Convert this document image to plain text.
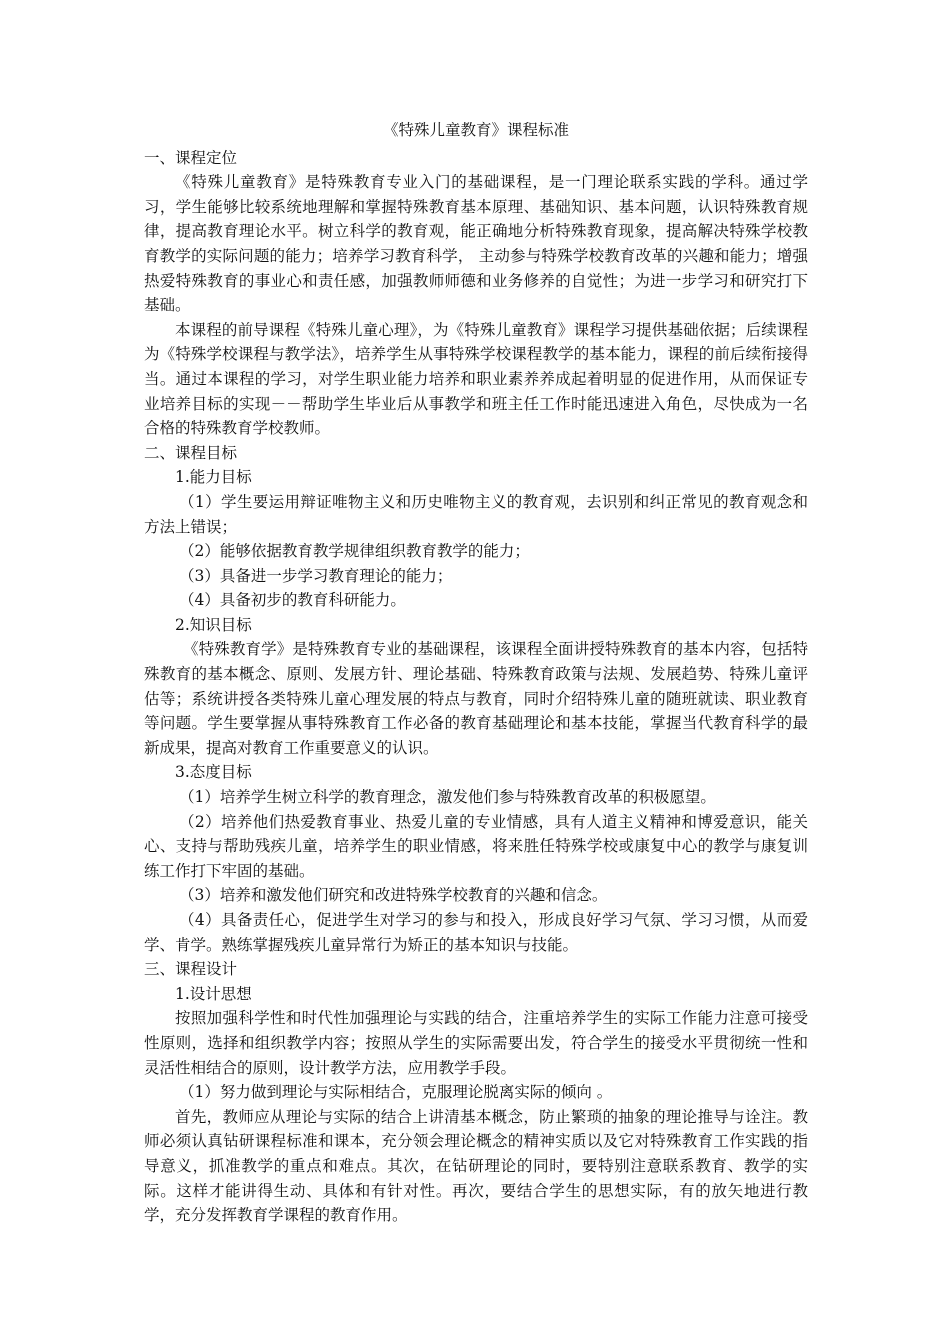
《特殊儿童教育》课程标准
一、课程定位

《特殊儿童教育》是特殊教育专业入门的基础课程，是一门理论联系实践的学科。通过学习，学生能够比较系统地理解和掌握特殊教育基本原理、基础知识、基本问题，认识特殊教育规律，提高教育理论水平。树立科学的教育观，能正确地分析特殊教育现象，提高解决特殊学校教育教学的实际问题的能力；培养学习教育科学， 主动参与特殊学校教育改革的兴趣和能力；增强热爱特殊教育的事业心和责任感，加强教师师德和业务修养的自觉性；为进一步学习和研究打下基础。

本课程的前导课程《特殊儿童心理》，为《特殊儿童教育》课程学习提供基础依据；后续课程为《特殊学校课程与教学法》，培养学生从事特殊学校课程教学的基本能力，课程的前后续衔接得当。通过本课程的学习，对学生职业能力培养和职业素养养成起着明显的促进作用，从而保证专业培养目标的实现－－帮助学生毕业后从事教学和班主任工作时能迅速进入角色，尽快成为一名合格的特殊教育学校教师。

二、课程目标
1.能力目标

（1）学生要运用辩证唯物主义和历史唯物主义的教育观，去识别和纠正常见的教育观念和方法上错误；

（2）能够依据教育教学规律组织教育教学的能力；

（3）具备进一步学习教育理论的能力；

（4）具备初步的教育科研能力。

2.知识目标

《特殊教育学》是特殊教育专业的基础课程，该课程全面讲授特殊教育的基本内容，包括特殊教育的基本概念、原则、发展方针、理论基础、特殊教育政策与法规、发展趋势、特殊儿童评估等；系统讲授各类特殊儿童心理发展的特点与教育，同时介绍特殊儿童的随班就读、职业教育等问题。学生要掌握从事特殊教育工作必备的教育基础理论和基本技能，掌握当代教育科学的最新成果，提高对教育工作重要意义的认识。

3.态度目标

（1）培养学生树立科学的教育理念，激发他们参与特殊教育改革的积极愿望。

（2）培养他们热爱教育事业、热爱儿童的专业情感，具有人道主义精神和博爱意识，能关心、支持与帮助残疾儿童，培养学生的职业情感，将来胜任特殊学校或康复中心的教学与康复训练工作打下牢固的基础。

（3）培养和激发他们研究和改进特殊学校教育的兴趣和信念。

（4）具备责任心，促进学生对学习的参与和投入，形成良好学习气氛、学习习惯，从而爱学、肯学。熟练掌握残疾儿童异常行为矫正的基本知识与技能。

三、课程设计
1.设计思想

按照加强科学性和时代性加强理论与实践的结合，注重培养学生的实际工作能力注意可接受性原则，选择和组织教学内容；按照从学生的实际需要出发，符合学生的接受水平贯彻统一性和灵活性相结合的原则，设计教学方法，应用教学手段。

（1）努力做到理论与实际相结合，克服理论脱离实际的倾向 。

首先，教师应从理论与实际的结合上讲清基本概念，防止繁琐的抽象的理论推导与诠注。教师必须认真钻研课程标准和课本，充分领会理论概念的精神实质以及它对特殊教育工作实践的指导意义，抓准教学的重点和难点。其次，在钻研理论的同时，要特别注意联系教育、教学的实际。这样才能讲得生动、具体和有针对性。再次，要结合学生的思想实际，有的放矢地进行教学，充分发挥教育学课程的教育作用。
